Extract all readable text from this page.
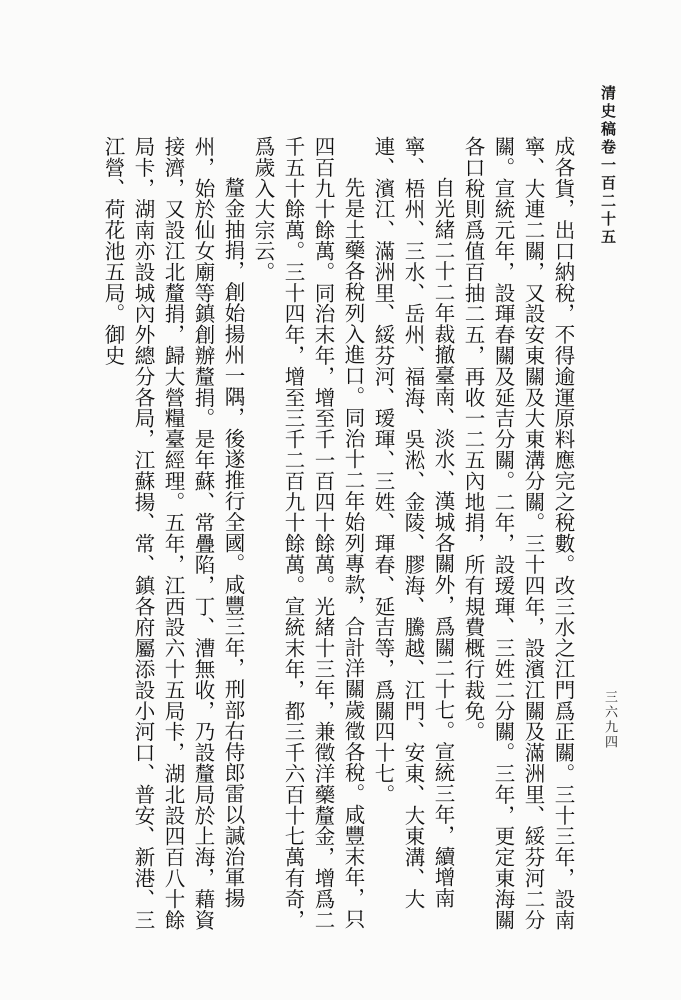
清史稿卷一百二十五
三六九四

成各貨，出口納稅，不得逾運原料應完之稅數。改三水之江門爲正關。三十三年，設南寧、大連二關，又設安東關及大東溝分關。三十四年，設濱江關及滿洲里、綏芬河二分關。宣統元年，設琿春關及延吉分關。二年，設瑷琿、三姓二分關。三年，更定東海關各口稅則爲值百抽二五，再收一二五內地捐，所有規費概行裁免。

自光緒二十二年裁撤臺南、淡水、漢城各關外，爲關二十七。宣統三年，續增南寧、梧州、三水、岳州、福海、吳淞、金陵、膠海、騰越、江門、安東、大東溝、大連、濱江、滿洲里、綏芬河、瑷琿、三姓、琿春、延吉等，爲關四十七。

先是土藥各稅列入進口。同治十二年始列專款，合計洋關歲徵各稅。咸豐末年，只四百九十餘萬。同治末年，增至千一百四十餘萬。光緒十三年，兼徵洋藥釐金，增爲二千五十餘萬。三十四年，增至三千二百九十餘萬。宣統末年，都三千六百十七萬有奇，爲歲入大宗云。

釐金抽捐，創始揚州一隅，後遂推行全國。咸豐三年，刑部右侍郎雷以諴治軍揚州，始於仙女廟等鎮創辦釐捐。是年蘇、常疊陷，丁、漕無收，乃設釐局於上海，藉資接濟，又設江北釐捐，歸大營糧臺經理。五年，江西設六十五局卡，湖北設四百八十餘局卡，湖南亦設城內外總分各局，江蘇揚、常、鎮各府屬添設小河口、普安、新港、三江營、荷花池五局。御史
